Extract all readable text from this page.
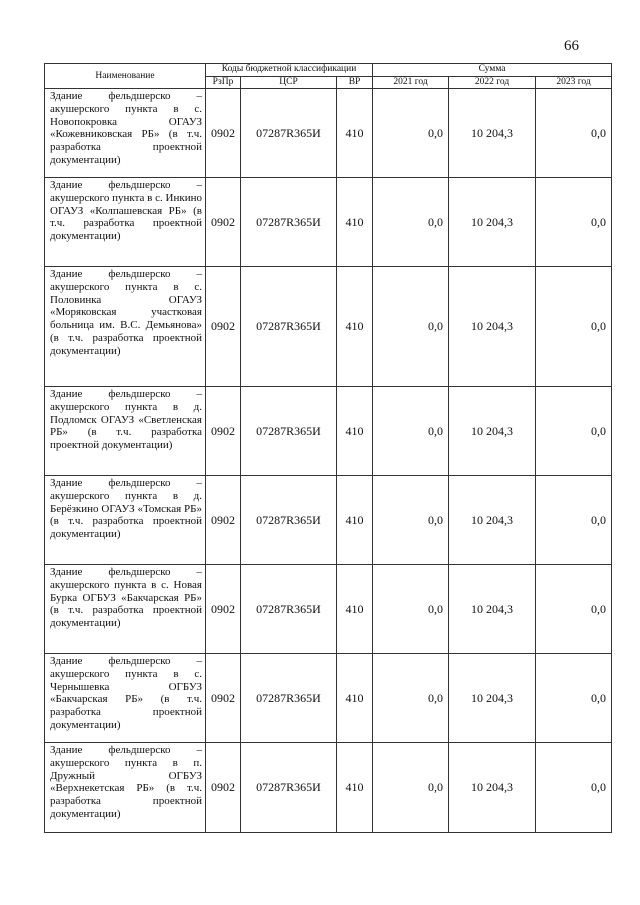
66
Наименование	Коды бюджетной классификации			Сумма		
	РзПр	ЦСР	ВР	2021 год	2022 год	2023 год
Здание фельдшерско – акушерского пункта в с. Новопокровка ОГАУЗ «Кожевниковская РБ» (в т.ч. разработка проектной документации)	0902	07287R365И	410	0,0	10 204,3	0,0
Здание фельдшерско – акушерского пункта в с. Инкино ОГАУЗ «Колпашевская РБ» (в т.ч. разработка проектной документации)	0902	07287R365И	410	0,0	10 204,3	0,0
Здание фельдшерско – акушерского пункта в с. Половинка ОГАУЗ «Моряковская участковая больница им. В.С. Демьянова» (в т.ч. разработка проектной документации)	0902	07287R365И	410	0,0	10 204,3	0,0
Здание фельдшерско – акушерского пункта в д. Подломск ОГАУЗ «Светленская РБ» (в т.ч. разработка проектной документации)	0902	07287R365И	410	0,0	10 204,3	0,0
Здание фельдшерско – акушерского пункта в д. Берёзкино ОГАУЗ «Томская РБ» (в т.ч. разработка проектной документации)	0902	07287R365И	410	0,0	10 204,3	0,0
Здание фельдшерско – акушерского пункта в с. Новая Бурка ОГБУЗ «Бакчарская РБ» (в т.ч. разработка проектной документации)	0902	07287R365И	410	0,0	10 204,3	0,0
Здание фельдшерско – акушерского пункта в с. Чернышевка ОГБУЗ «Бакчарская РБ» (в т.ч. разработка проектной документации)	0902	07287R365И	410	0,0	10 204,3	0,0
Здание фельдшерско – акушерского пункта в п. Дружный ОГБУЗ «Верхнекетская РБ» (в т.ч. разработка проектной документации)	0902	07287R365И	410	0,0	10 204,3	0,0
